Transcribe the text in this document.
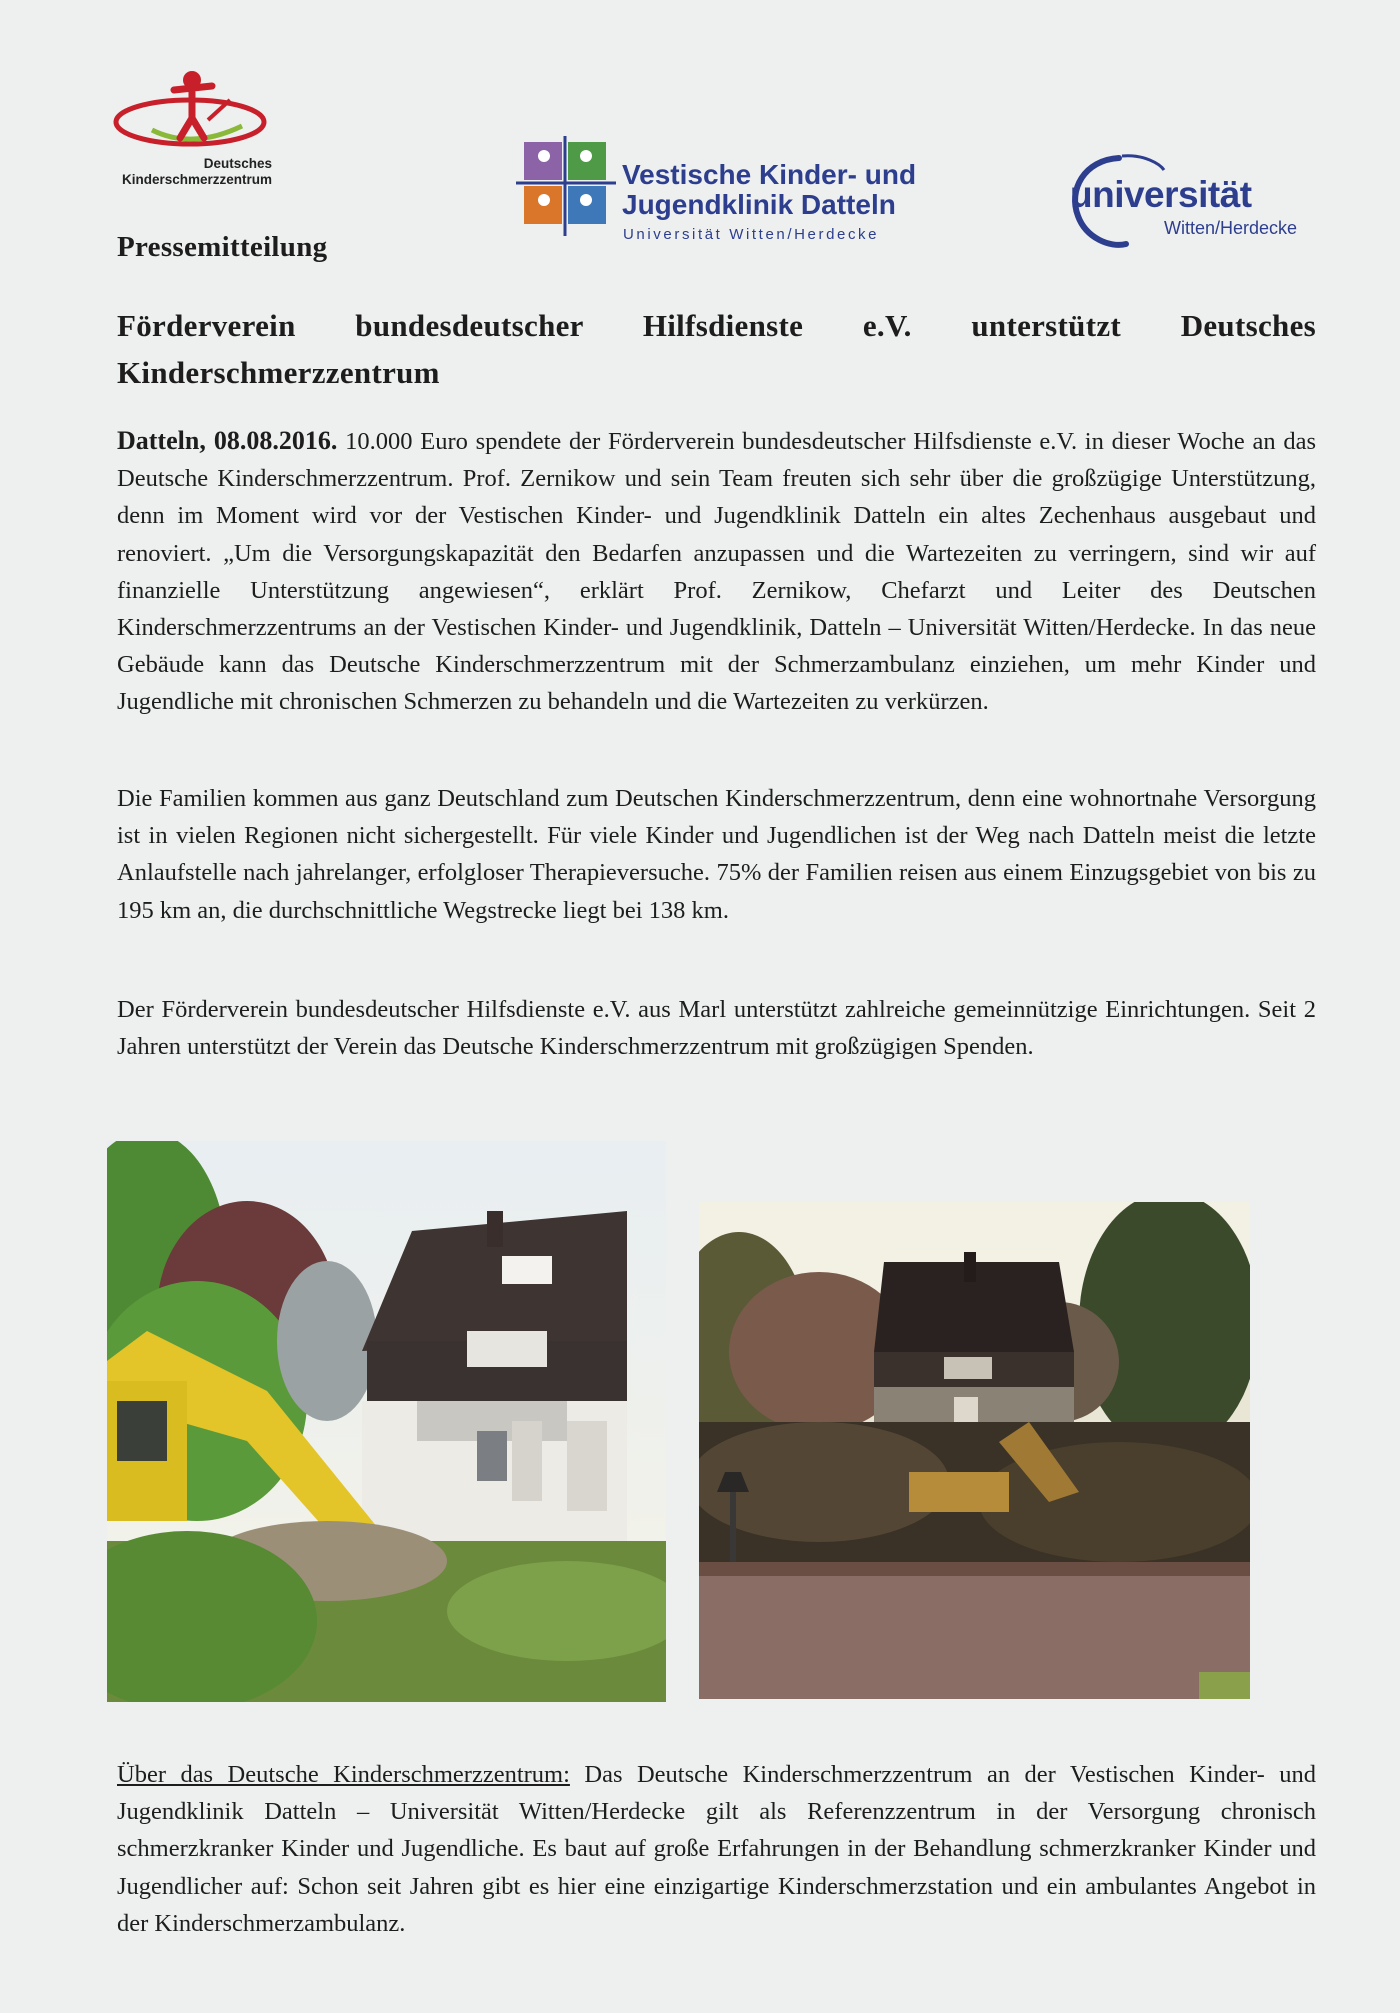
Deutsches
Kinderschmerzzentrum	Vestische Kinder- und
Jugendklinik Datteln
Universität Witten/Herdecke
universität
Witten/Herdecke
Pressemitteilung
Förderverein bundesdeutscher Hilfsdienste e.V. unterstützt Deutsches Kinderschmerzzentrum
Datteln, 08.08.2016. 10.000 Euro spendete der Förderverein bundesdeutscher Hilfsdienste e.V. in dieser Woche an das Deutsche Kinderschmerzzentrum. Prof. Zernikow und sein Team freuten sich sehr über die großzügige Unterstützung, denn im Moment wird vor der Vestischen Kinder- und Jugendklinik Datteln ein altes Zechenhaus ausgebaut und renoviert. „Um die Versorgungskapazität den Bedarfen anzupassen und die Wartezeiten zu verringern, sind wir auf finanzielle Unterstützung angewiesen“, erklärt Prof. Zernikow, Chefarzt und Leiter des Deutschen Kinderschmerzzentrums an der Vestischen Kinder- und Jugendklinik, Datteln – Universität Witten/Herdecke. In das neue Gebäude kann das Deutsche Kinderschmerzzentrum mit der Schmerzambulanz einziehen, um mehr Kinder und Jugendliche mit chronischen Schmerzen zu behandeln und die Wartezeiten zu verkürzen.
Die Familien kommen aus ganz Deutschland zum Deutschen Kinderschmerzzentrum, denn eine wohnortnahe Versorgung ist in vielen Regionen nicht sichergestellt. Für viele Kinder und Jugendlichen ist der Weg nach Datteln meist die letzte Anlaufstelle nach jahrelanger, erfolgloser Therapieversuche. 75% der Familien reisen aus einem Einzugsgebiet von bis zu 195 km an, die durchschnittliche Wegstrecke liegt bei 138 km.
Der Förderverein bundesdeutscher Hilfsdienste e.V. aus Marl unterstützt zahlreiche gemeinnützige Einrichtungen. Seit 2 Jahren unterstützt der Verein das Deutsche Kinderschmerzzentrum mit großzügigen Spenden.
Über das Deutsche Kinderschmerzzentrum: Das Deutsche Kinderschmerzzentrum an der Vestischen Kinder- und Jugendklinik Datteln – Universität Witten/Herdecke gilt als Referenzzentrum in der Versorgung chronisch schmerzkranker Kinder und Jugendliche. Es baut auf große Erfahrungen in der Behandlung schmerzkranker Kinder und Jugendlicher auf: Schon seit Jahren gibt es hier eine einzigartige Kinderschmerzstation und ein ambulantes Angebot in der Kinderschmerzambulanz.
